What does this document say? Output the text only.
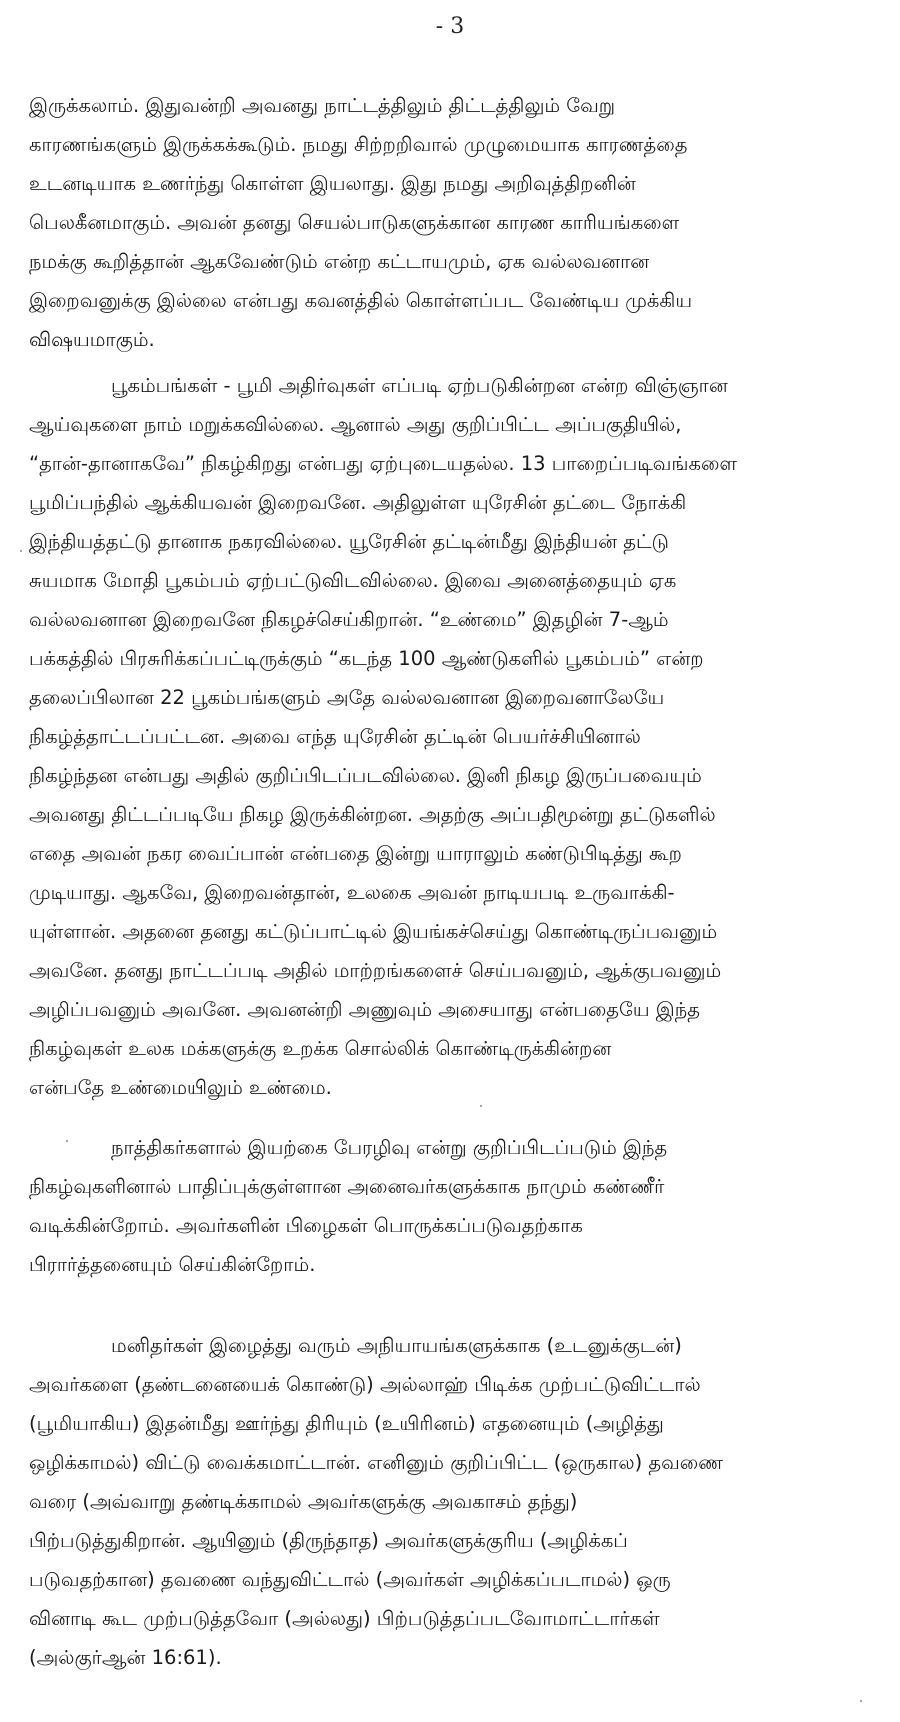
- 3

இருக்கலாம். இதுவன்றி அவனது நாட்டத்திலும் திட்டத்திலும் வேறு
காரணங்களும் இருக்கக்கூடும். நமது சிற்றறிவால் முழுமையாக காரணத்தை
உடனடியாக உணர்ந்து கொள்ள இயலாது. இது நமது அறிவுத்திறனின்
பெலகீனமாகும். அவன் தனது செயல்பாடுகளுக்கான காரண காரியங்களை
நமக்கு கூறித்தான் ஆகவேண்டும் என்ற கட்டாயமும், ஏக வல்லவனான
இறைவனுக்கு இல்லை என்பது கவனத்தில் கொள்ளப்பட வேண்டிய முக்கிய
விஷயமாகும்.

பூகம்பங்கள் - பூமி அதிர்வுகள் எப்படி ஏற்படுகின்றன என்ற விஞ்ஞான
ஆய்வுகளை நாம் மறுக்கவில்லை. ஆனால் அது குறிப்பிட்ட அப்பகுதியில்,
“தான்-தானாகவே” நிகழ்கிறது என்பது ஏற்புடையதல்ல. 13 பாறைப்படிவங்களை
பூமிப்பந்தில் ஆக்கியவன் இறைவனே. அதிலுள்ள யுரேசின் தட்டை நோக்கி
இந்தியத்தட்டு தானாக நகரவில்லை. யூரேசின் தட்டின்மீது இந்தியன் தட்டு
சுயமாக மோதி பூகம்பம் ஏற்பட்டுவிடவில்லை. இவை அனைத்தையும் ஏக
வல்லவனான இறைவனே நிகழச்செய்கிறான். “உண்மை” இதழின் 7-ஆம்
பக்கத்தில் பிரசுரிக்கப்பட்டிருக்கும் “கடந்த 100 ஆண்டுகளில் பூகம்பம்” என்ற
தலைப்பிலான 22 பூகம்பங்களும் அதே வல்லவனான இறைவனாலேயே
நிகழ்த்தாட்டப்பட்டன. அவை எந்த யுரேசின் தட்டின் பெயர்ச்சியினால்
நிகழ்ந்தன என்பது அதில் குறிப்பிடப்படவில்லை. இனி நிகழ இருப்பவையும்
அவனது திட்டப்படியே நிகழ இருக்கின்றன. அதற்கு அப்பதிமூன்று தட்டுகளில்
எதை அவன் நகர வைப்பான் என்பதை இன்று யாராலும் கண்டுபிடித்து கூற
முடியாது. ஆகவே, இறைவன்தான், உலகை அவன் நாடியபடி உருவாக்கி-
யுள்ளான். அதனை தனது கட்டுப்பாட்டில் இயங்கச்செய்து கொண்டிருப்பவனும்
அவனே. தனது நாட்டப்படி அதில் மாற்றங்களைச் செய்பவனும், ஆக்குபவனும்
அழிப்பவனும் அவனே. அவனன்றி அணுவும் அசையாது என்பதையே இந்த
நிகழ்வுகள் உலக மக்களுக்கு உறக்க சொல்லிக் கொண்டிருக்கின்றன
என்பதே உண்மையிலும் உண்மை.

நாத்திகர்களால் இயற்கை பேரழிவு என்று குறிப்பிடப்படும் இந்த
நிகழ்வுகளினால் பாதிப்புக்குள்ளான அனைவர்களுக்காக நாமும் கண்ணீர்
வடிக்கின்றோம். அவர்களின் பிழைகள் பொருக்கப்படுவதற்காக
பிரார்த்தனையும் செய்கின்றோம்.

மனிதர்கள் இழைத்து வரும் அநியாயங்களுக்காக (உடனுக்குடன்)
அவர்களை (தண்டனையைக் கொண்டு) அல்லாஹ் பிடிக்க முற்பட்டுவிட்டால்
(பூமியாகிய) இதன்மீது ஊர்ந்து திரியும் (உயிரினம்) எதனையும் (அழித்து
ஒழிக்காமல்) விட்டு வைக்கமாட்டான். எனினும் குறிப்பிட்ட (ஒருகால) தவணை
வரை (அவ்வாறு தண்டிக்காமல் அவர்களுக்கு அவகாசம் தந்து)
பிற்படுத்துகிறான். ஆயினும் (திருந்தாத) அவர்களுக்குரிய (அழிக்கப்
படுவதற்கான) தவணை வந்துவிட்டால் (அவர்கள் அழிக்கப்படாமல்) ஒரு
வினாடி கூட முற்படுத்தவோ (அல்லது) பிற்படுத்தப்படவோமாட்டார்கள்
(அல்குர்ஆன் 16:61).
